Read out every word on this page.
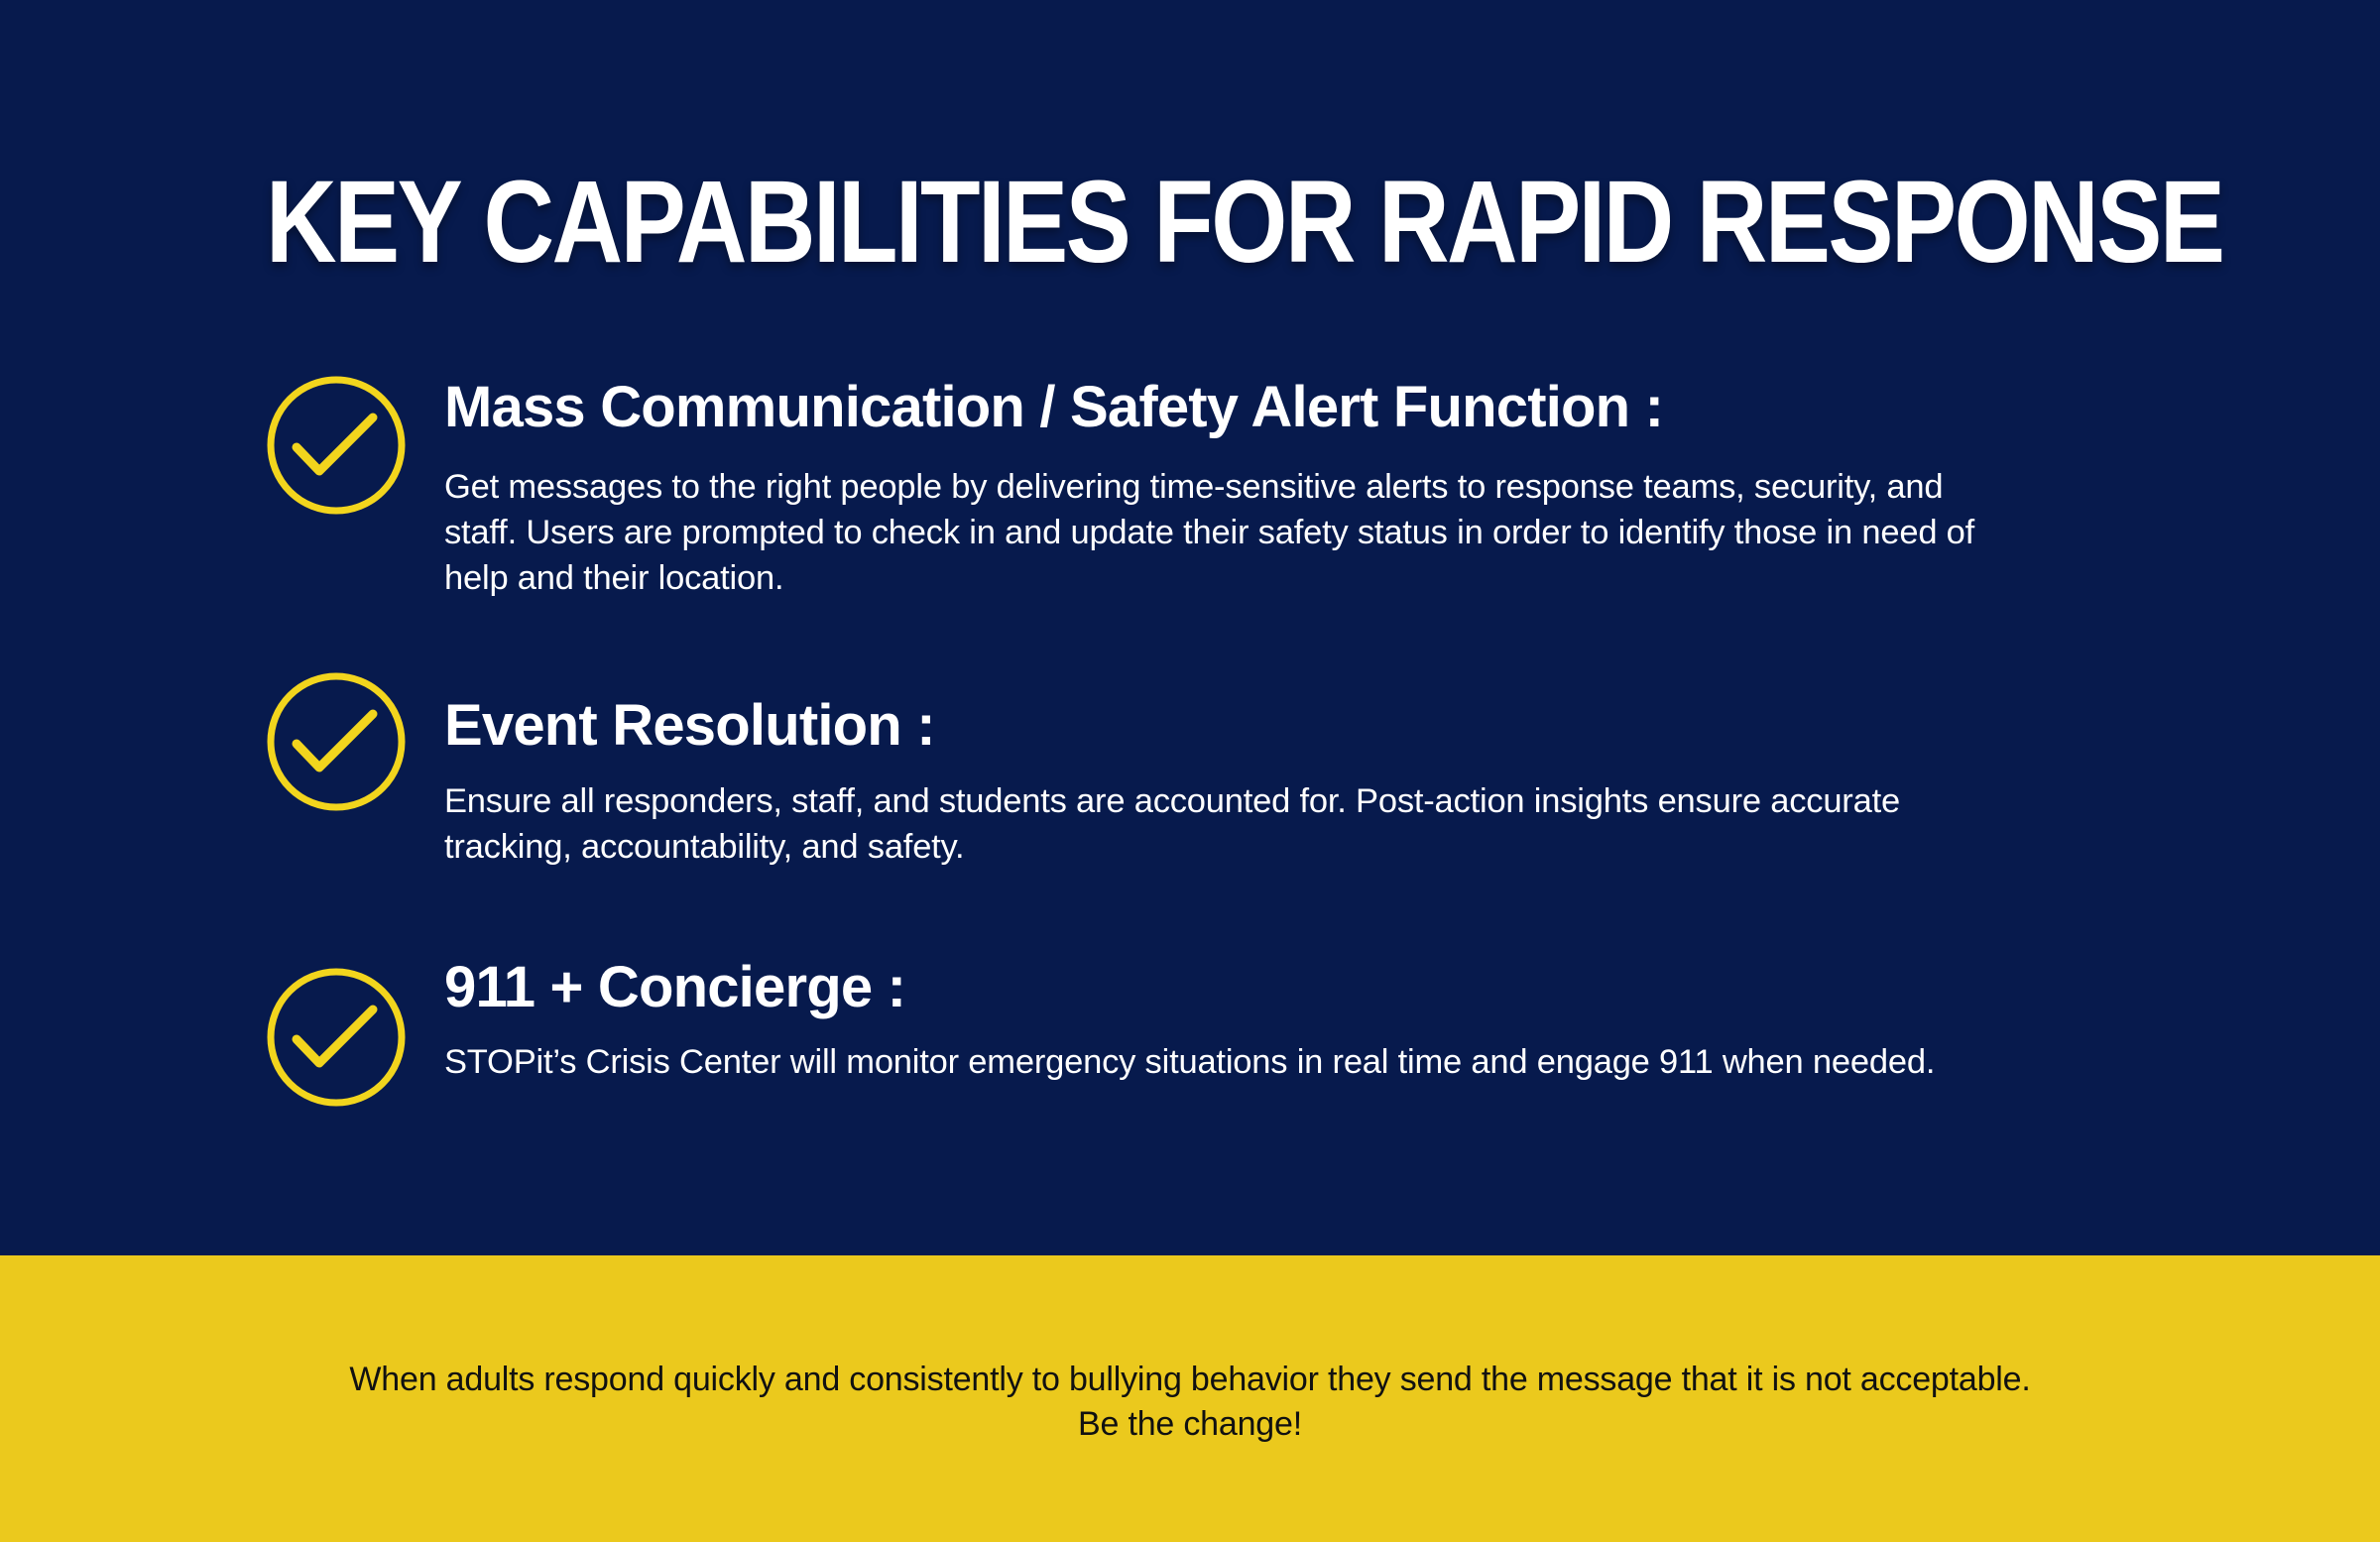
KEY CAPABILITIES FOR RAPID RESPONSE
Mass Communication / Safety Alert Function :

Get messages to the right people by delivering time-sensitive alerts to response teams, security, and staff. Users are prompted to check in and update their safety status in order to identify those in need of help and their location.

Event Resolution :

Ensure all responders, staff, and students are accounted for. Post-action insights ensure accurate tracking, accountability, and safety.

911 + Concierge :

STOPit’s Crisis Center will monitor emergency situations in real time and engage 911 when needed.

When adults respond quickly and consistently to bullying behavior they send the message that it is not acceptable.
Be the change!
